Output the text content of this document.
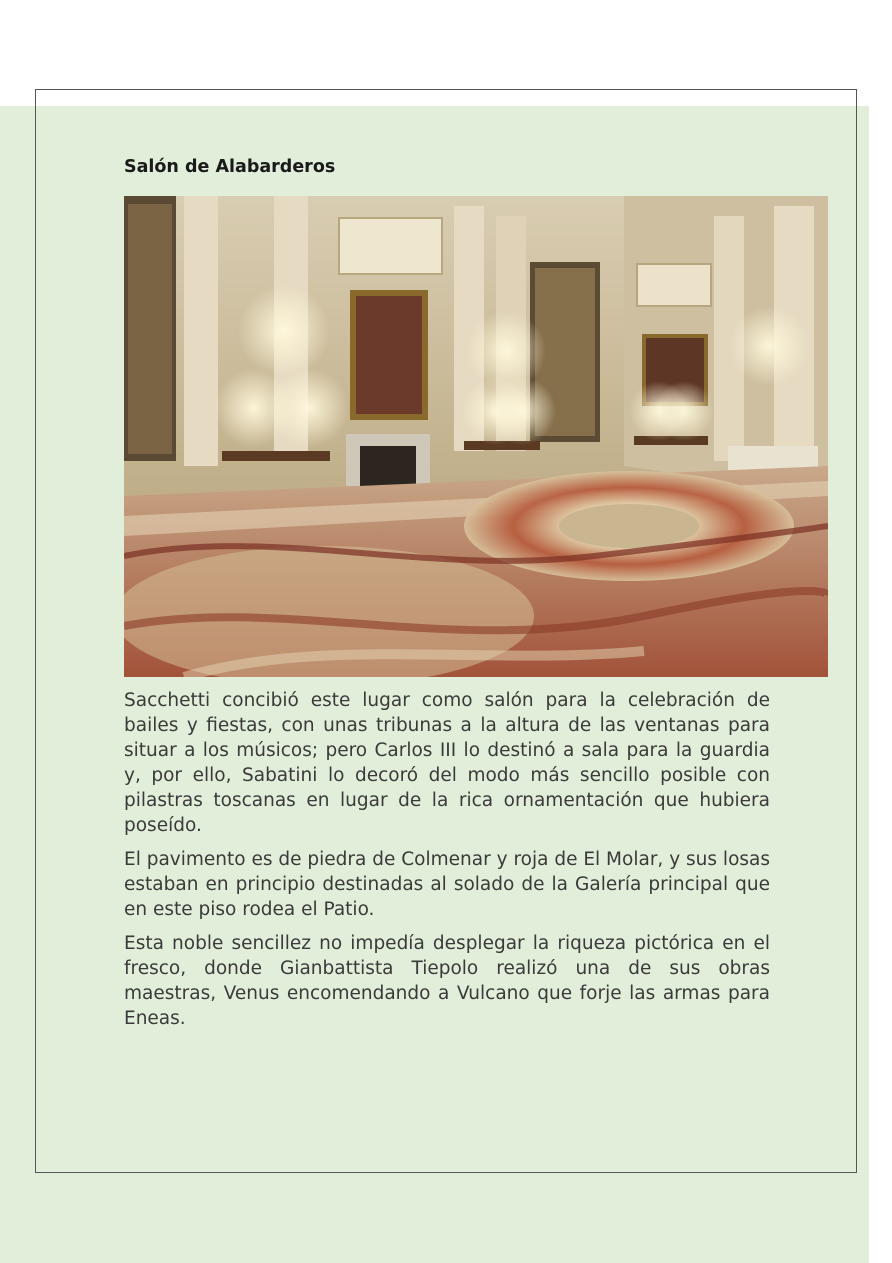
Salón de Alabarderos

Sacchetti concibió este lugar como salón para la celebración de bailes y fiestas, con unas tribunas a la altura de las ventanas para situar a los músicos; pero Carlos III lo destinó a sala para la guardia y, por ello, Sabatini lo decoró del modo más sencillo posible con pilastras toscanas en lugar de la rica ornamentación que hubiera poseído.

El pavimento es de piedra de Colmenar y roja de El Molar, y sus losas estaban en principio destinadas al solado de la Galería principal que en este piso rodea el Patio.

Esta noble sencillez no impedía desplegar la riqueza pictórica en el fresco, donde Gianbattista Tiepolo realizó una de sus obras maestras, Venus encomendando a Vulcano que forje las armas para Eneas.
